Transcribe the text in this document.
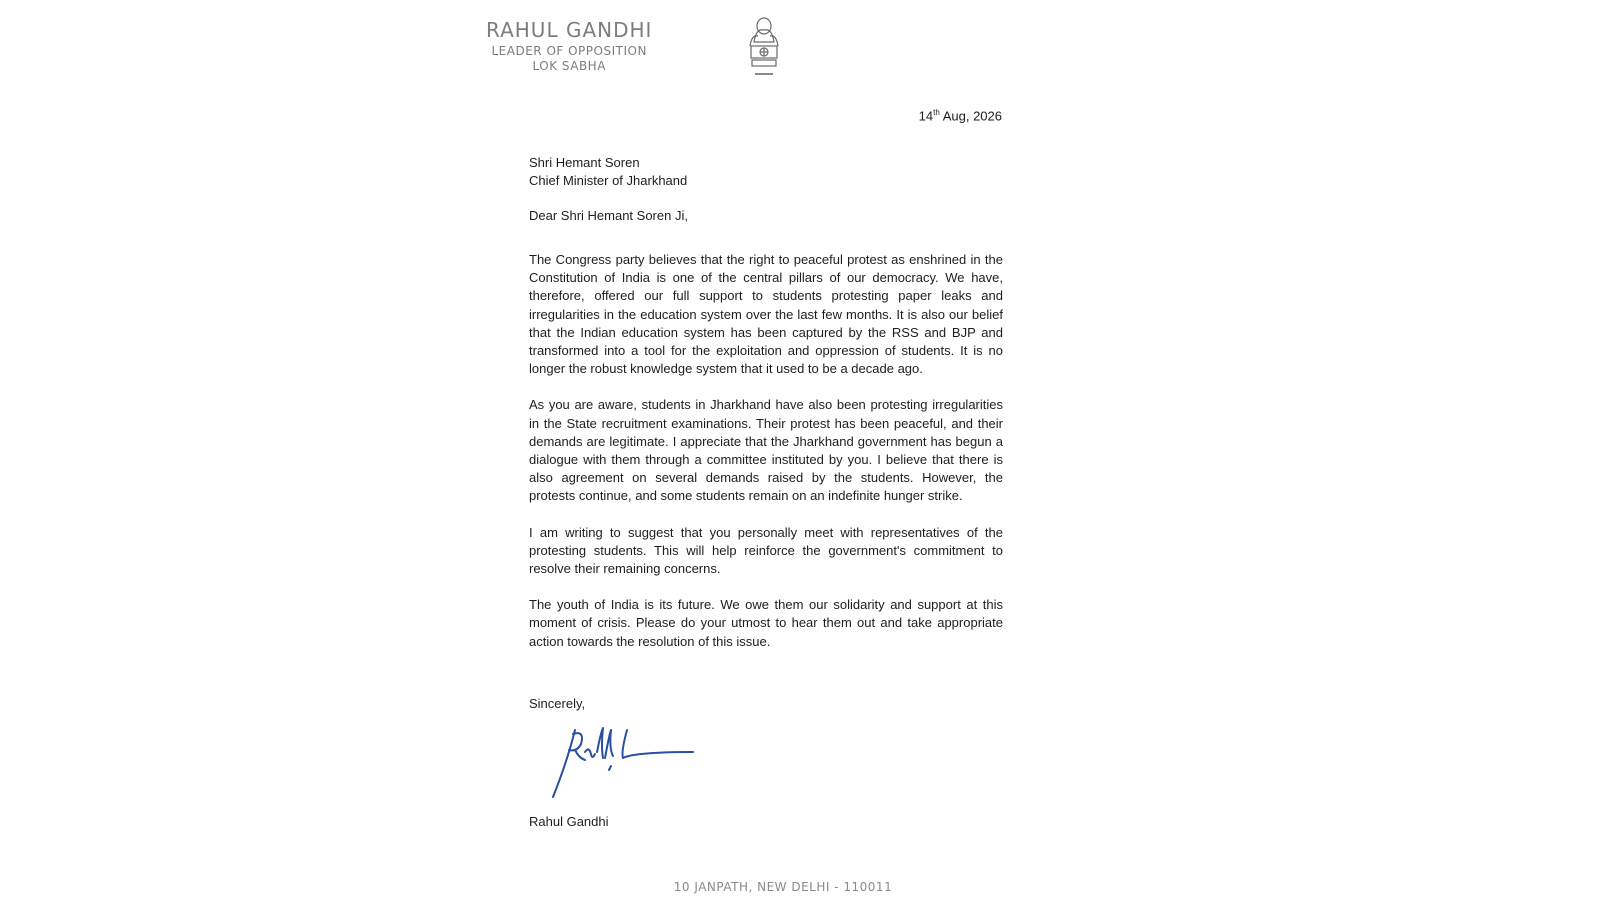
RAHUL GANDHI
LEADER OF OPPOSITION
LOK SABHA
14th Aug, 2026
Shri Hemant Soren
Chief Minister of Jharkhand
Dear Shri Hemant Soren Ji,

The Congress party believes that the right to peaceful protest as enshrined in the Constitution of India is one of the central pillars of our democracy. We have, therefore, offered our full support to students protesting paper leaks and irregularities in the education system over the last few months. It is also our belief that the Indian education system has been captured by the RSS and BJP and transformed into a tool for the exploitation and oppression of students. It is no longer the robust knowledge system that it used to be a decade ago.

As you are aware, students in Jharkhand have also been protesting irregularities in the State recruitment examinations. Their protest has been peaceful, and their demands are legitimate. I appreciate that the Jharkhand government has begun a dialogue with them through a committee instituted by you. I believe that there is also agreement on several demands raised by the students. However, the protests continue, and some students remain on an indefinite hunger strike.

I am writing to suggest that you personally meet with representatives of the protesting students. This will help reinforce the government's commitment to resolve their remaining concerns.

The youth of India is its future. We owe them our solidarity and support at this moment of crisis. Please do your utmost to hear them out and take appropriate action towards the resolution of this issue.

Sincerely,
Rahul Gandhi
10 JANPATH, NEW DELHI - 110011
